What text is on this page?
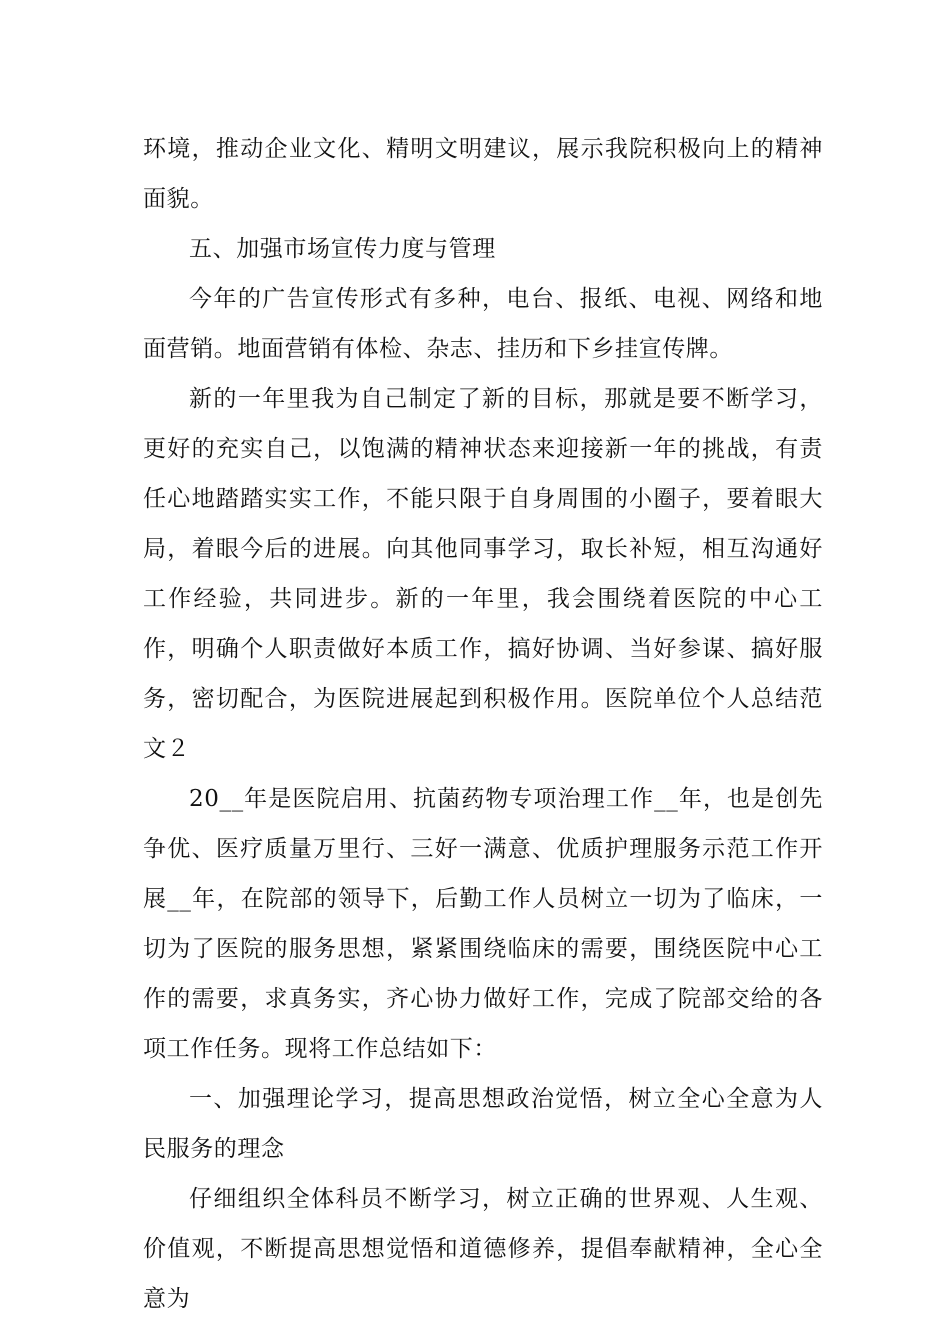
环境，推动企业文化、精明文明建议，展示我院积极向上的精神面貌。

五、加强市场宣传力度与管理

今年的广告宣传形式有多种，电台、报纸、电视、网络和地面营销。地面营销有体检、杂志、挂历和下乡挂宣传牌。

新的一年里我为自己制定了新的目标，那就是要不断学习，更好的充实自己，以饱满的精神状态来迎接新一年的挑战，有责任心地踏踏实实工作，不能只限于自身周围的小圈子，要着眼大局，着眼今后的进展。向其他同事学习，取长补短，相互沟通好工作经验，共同进步。新的一年里，我会围绕着医院的中心工作，明确个人职责做好本质工作，搞好协调、当好参谋、搞好服务，密切配合，为医院进展起到积极作用。医院单位个人总结范文２

20__年是医院启用、抗菌药物专项治理工作__年，也是创先争优、医疗质量万里行、三好一满意、优质护理服务示范工作开展__年，在院部的领导下，后勤工作人员树立一切为了临床，一切为了医院的服务思想，紧紧围绕临床的需要，围绕医院中心工作的需要，求真务实，齐心协力做好工作，完成了院部交给的各项工作任务。现将工作总结如下：

一、加强理论学习，提高思想政治觉悟，树立全心全意为人民服务的理念

仔细组织全体科员不断学习，树立正确的世界观、人生观、价值观，不断提高思想觉悟和道德修养，提倡奉献精神，全心全意为
